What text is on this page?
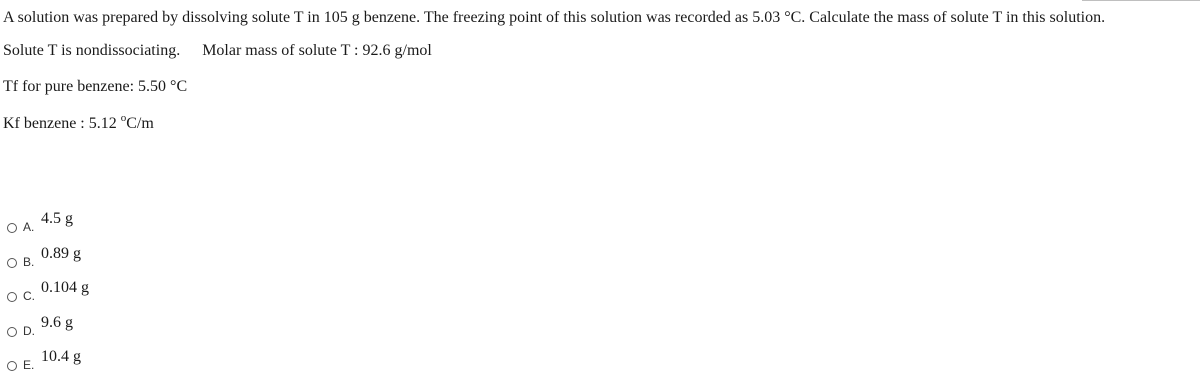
A solution was prepared by dissolving solute T in 105 g benzene. The freezing point of this solution was recorded as 5.03 °C. Calculate the mass of solute T in this solution.
Solute T is nondissociating. Molar mass of solute T : 92.6 g/mol
Tf for pure benzene: 5.50 °C
Kf benzene : 5.12 $^o$C/m
A. 4.5 g
B. 0.89 g
C. 0.104 g
D. 9.6 g
E. 10.4 g
